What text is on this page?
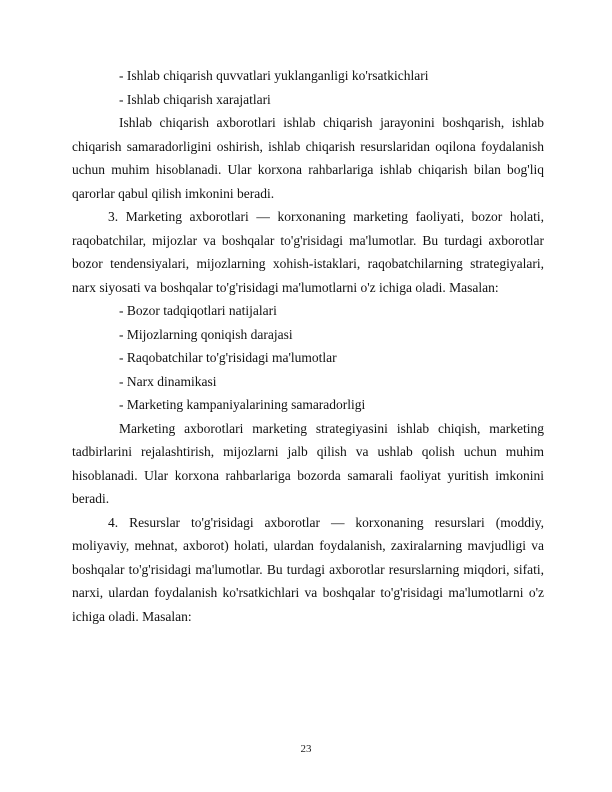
- Ishlab chiqarish quvvatlari yuklanganligi ko'rsatkichlari

- Ishlab chiqarish xarajatlari

Ishlab chiqarish axborotlari ishlab chiqarish jarayonini boshqarish, ishlab chiqarish samaradorligini oshirish, ishlab chiqarish resurslaridan oqilona foydalanish uchun muhim hisoblanadi. Ular korxona rahbarlariga ishlab chiqarish bilan bog'liq qarorlar qabul qilish imkonini beradi.

3. Marketing axborotlari — korxonaning marketing faoliyati, bozor holati, raqobatchilar, mijozlar va boshqalar to'g'risidagi ma'lumotlar. Bu turdagi axborotlar bozor tendensiyalari, mijozlarning xohish-istaklari, raqobatchilarning strategiyalari, narx siyosati va boshqalar to'g'risidagi ma'lumotlarni o'z ichiga oladi. Masalan:

- Bozor tadqiqotlari natijalari

- Mijozlarning qoniqish darajasi

- Raqobatchilar to'g'risidagi ma'lumotlar

- Narx dinamikasi

- Marketing kampaniyalarining samaradorligi

Marketing axborotlari marketing strategiyasini ishlab chiqish, marketing tadbirlarini rejalashtirish, mijozlarni jalb qilish va ushlab qolish uchun muhim hisoblanadi. Ular korxona rahbarlariga bozorda samarali faoliyat yuritish imkonini beradi.

4. Resurslar to'g'risidagi axborotlar — korxonaning resurslari (moddiy, moliyaviy, mehnat, axborot) holati, ulardan foydalanish, zaxiralarning mavjudligi va boshqalar to'g'risidagi ma'lumotlar. Bu turdagi axborotlar resurslarning miqdori, sifati, narxi, ulardan foydalanish ko'rsatkichlari va boshqalar to'g'risidagi ma'lumotlarni o'z ichiga oladi. Masalan:

23
